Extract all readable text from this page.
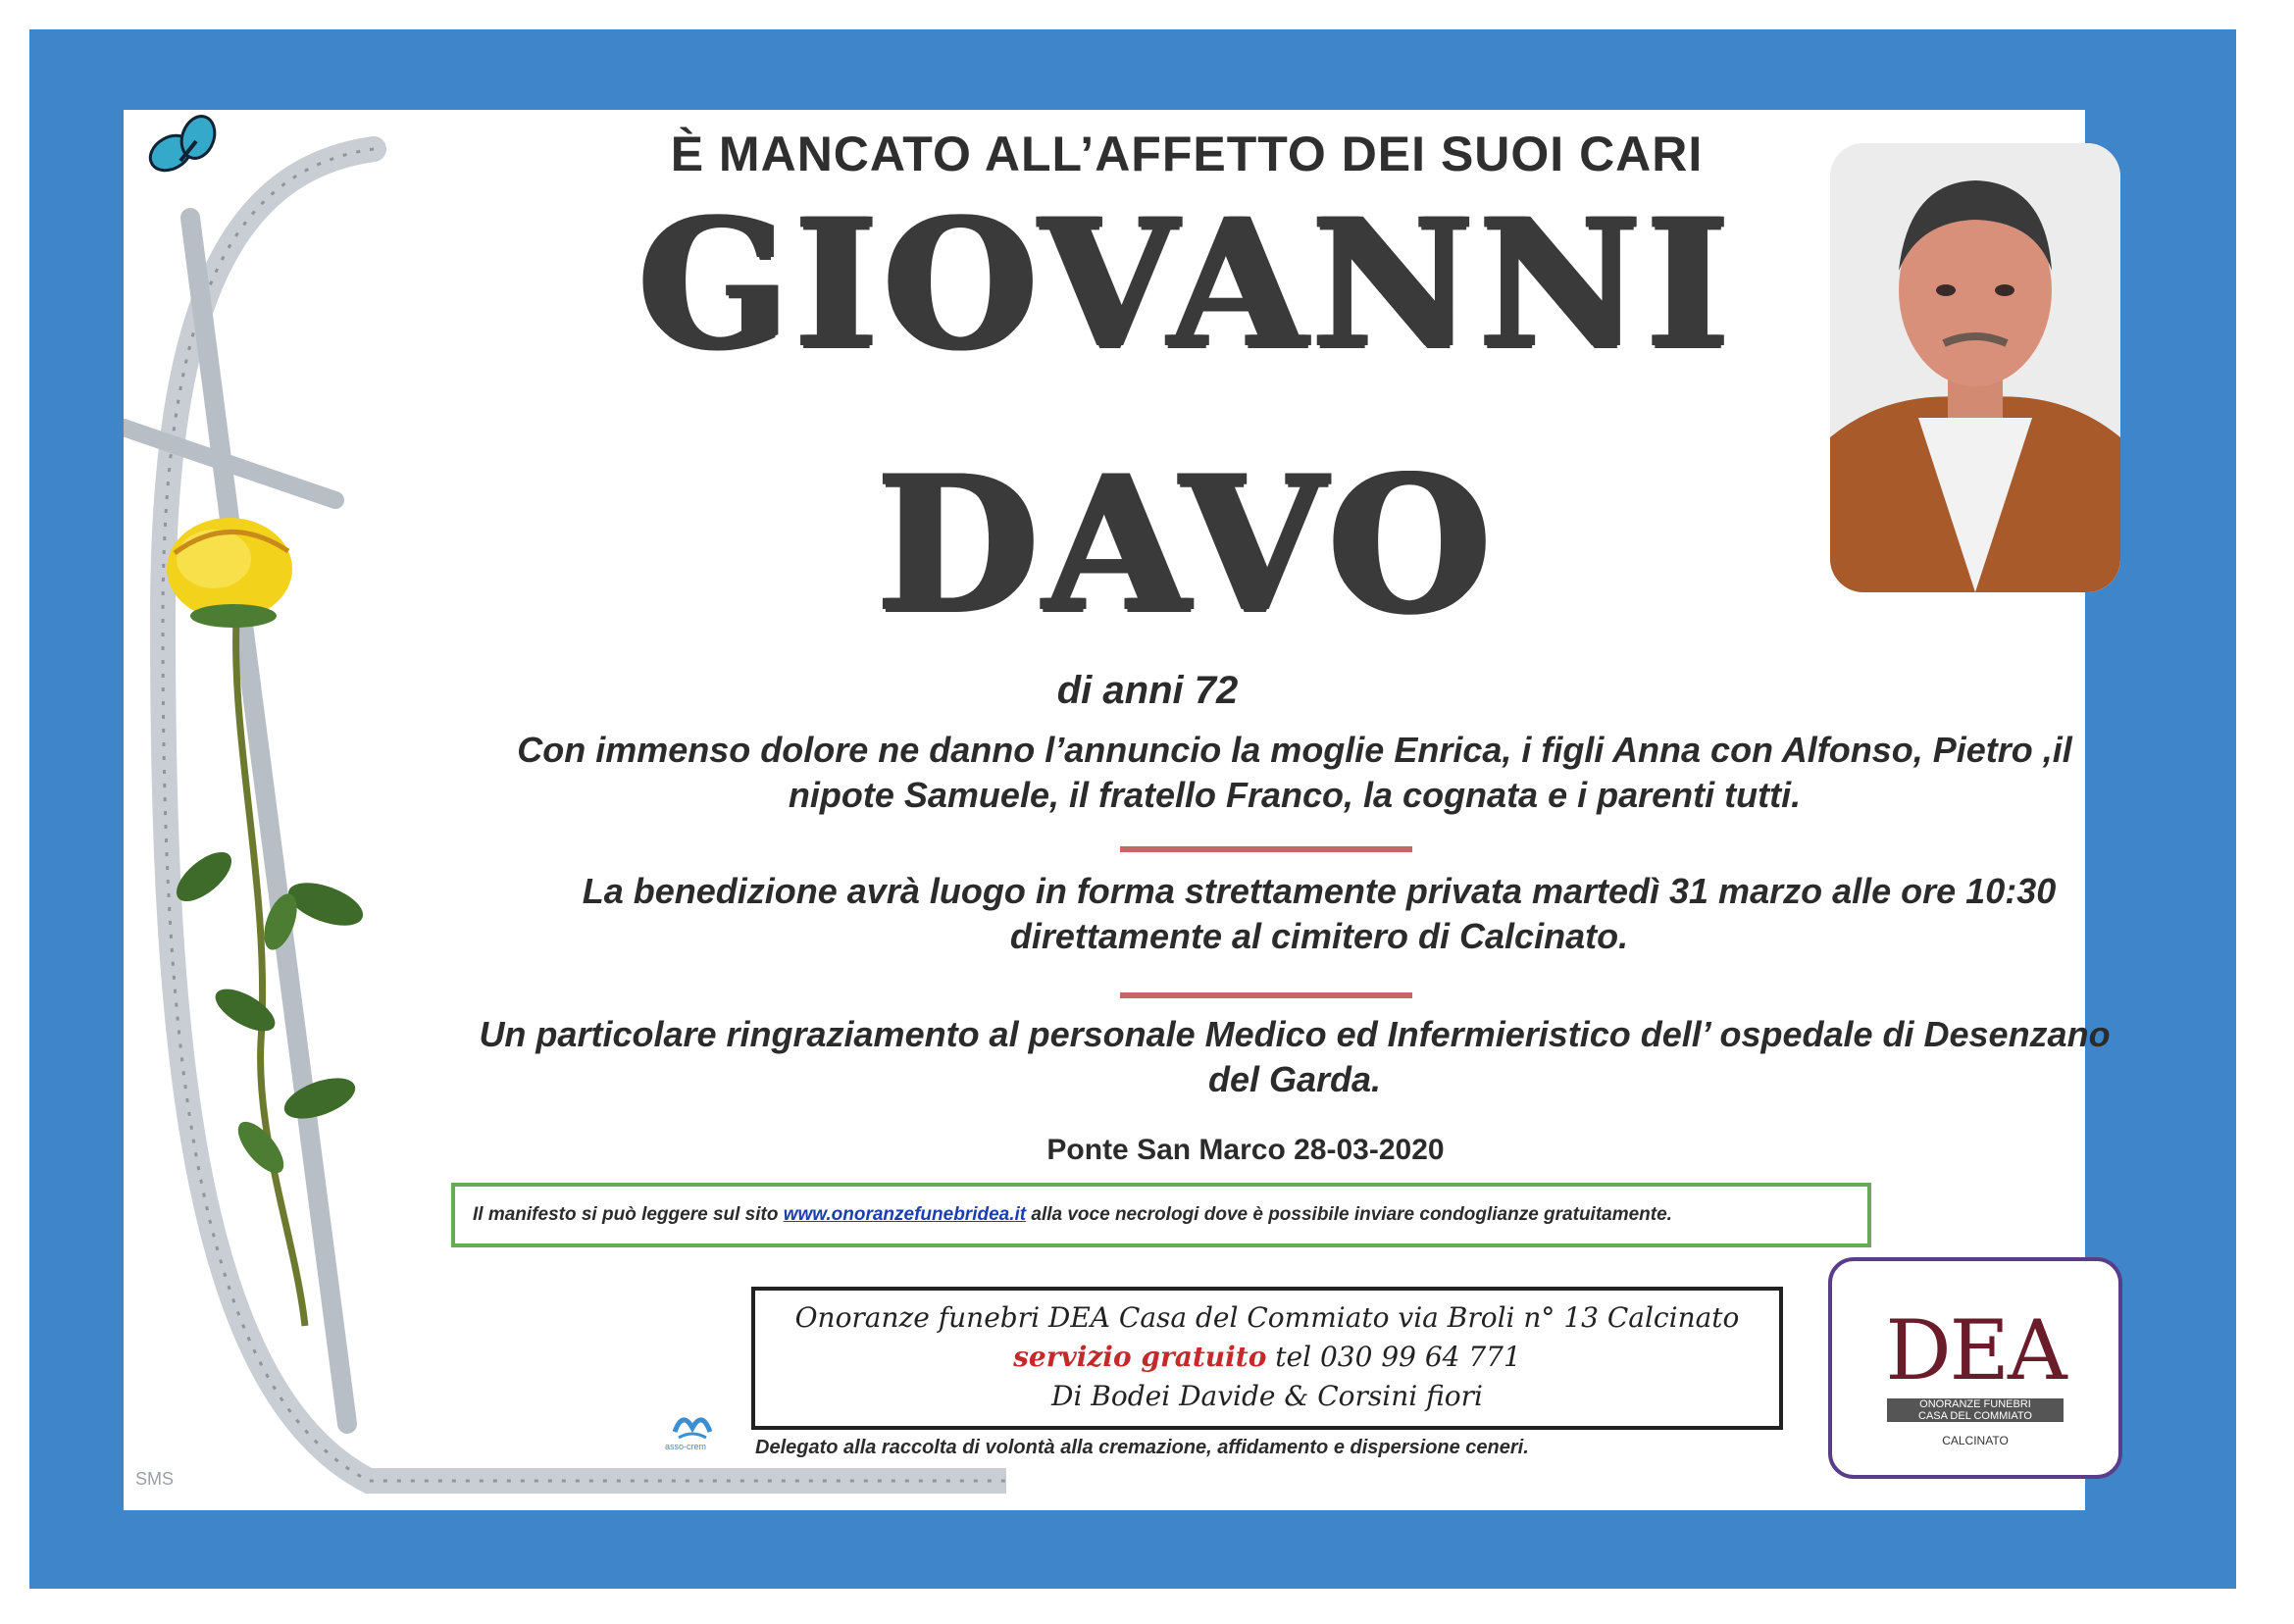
È MANCATO ALL’AFFETTO DEI SUOI CARI
GIOVANNI
DAVO
di anni 72
Con immenso dolore ne danno l’annuncio la moglie Enrica, i figli Anna con Alfonso, Pietro ,il nipote Samuele, il fratello Franco, la cognata e i parenti tutti.
La benedizione avrà luogo in forma strettamente privata martedì 31 marzo alle ore 10:30 direttamente al cimitero di Calcinato.
Un particolare ringraziamento al personale Medico ed Infermieristico dell’ ospedale di Desenzano del Garda.
Ponte San Marco 28-03-2020
Il manifesto si può leggere sul sito www.onoranzefunebridea.it alla voce necrologi dove è possibile inviare condoglianze gratuitamente.
Onoranze funebri DEA Casa del Commiato via Broli n° 13 Calcinato
servizio gratuito tel 030 99 64 771
Di Bodei Davide & Corsini fiori
Delegato alla raccolta di volontà alla cremazione, affidamento e dispersione ceneri.
asso-crem
DEA
ONORANZE FUNEBRI
CASA DEL COMMIATO
CALCINATO
SMS
